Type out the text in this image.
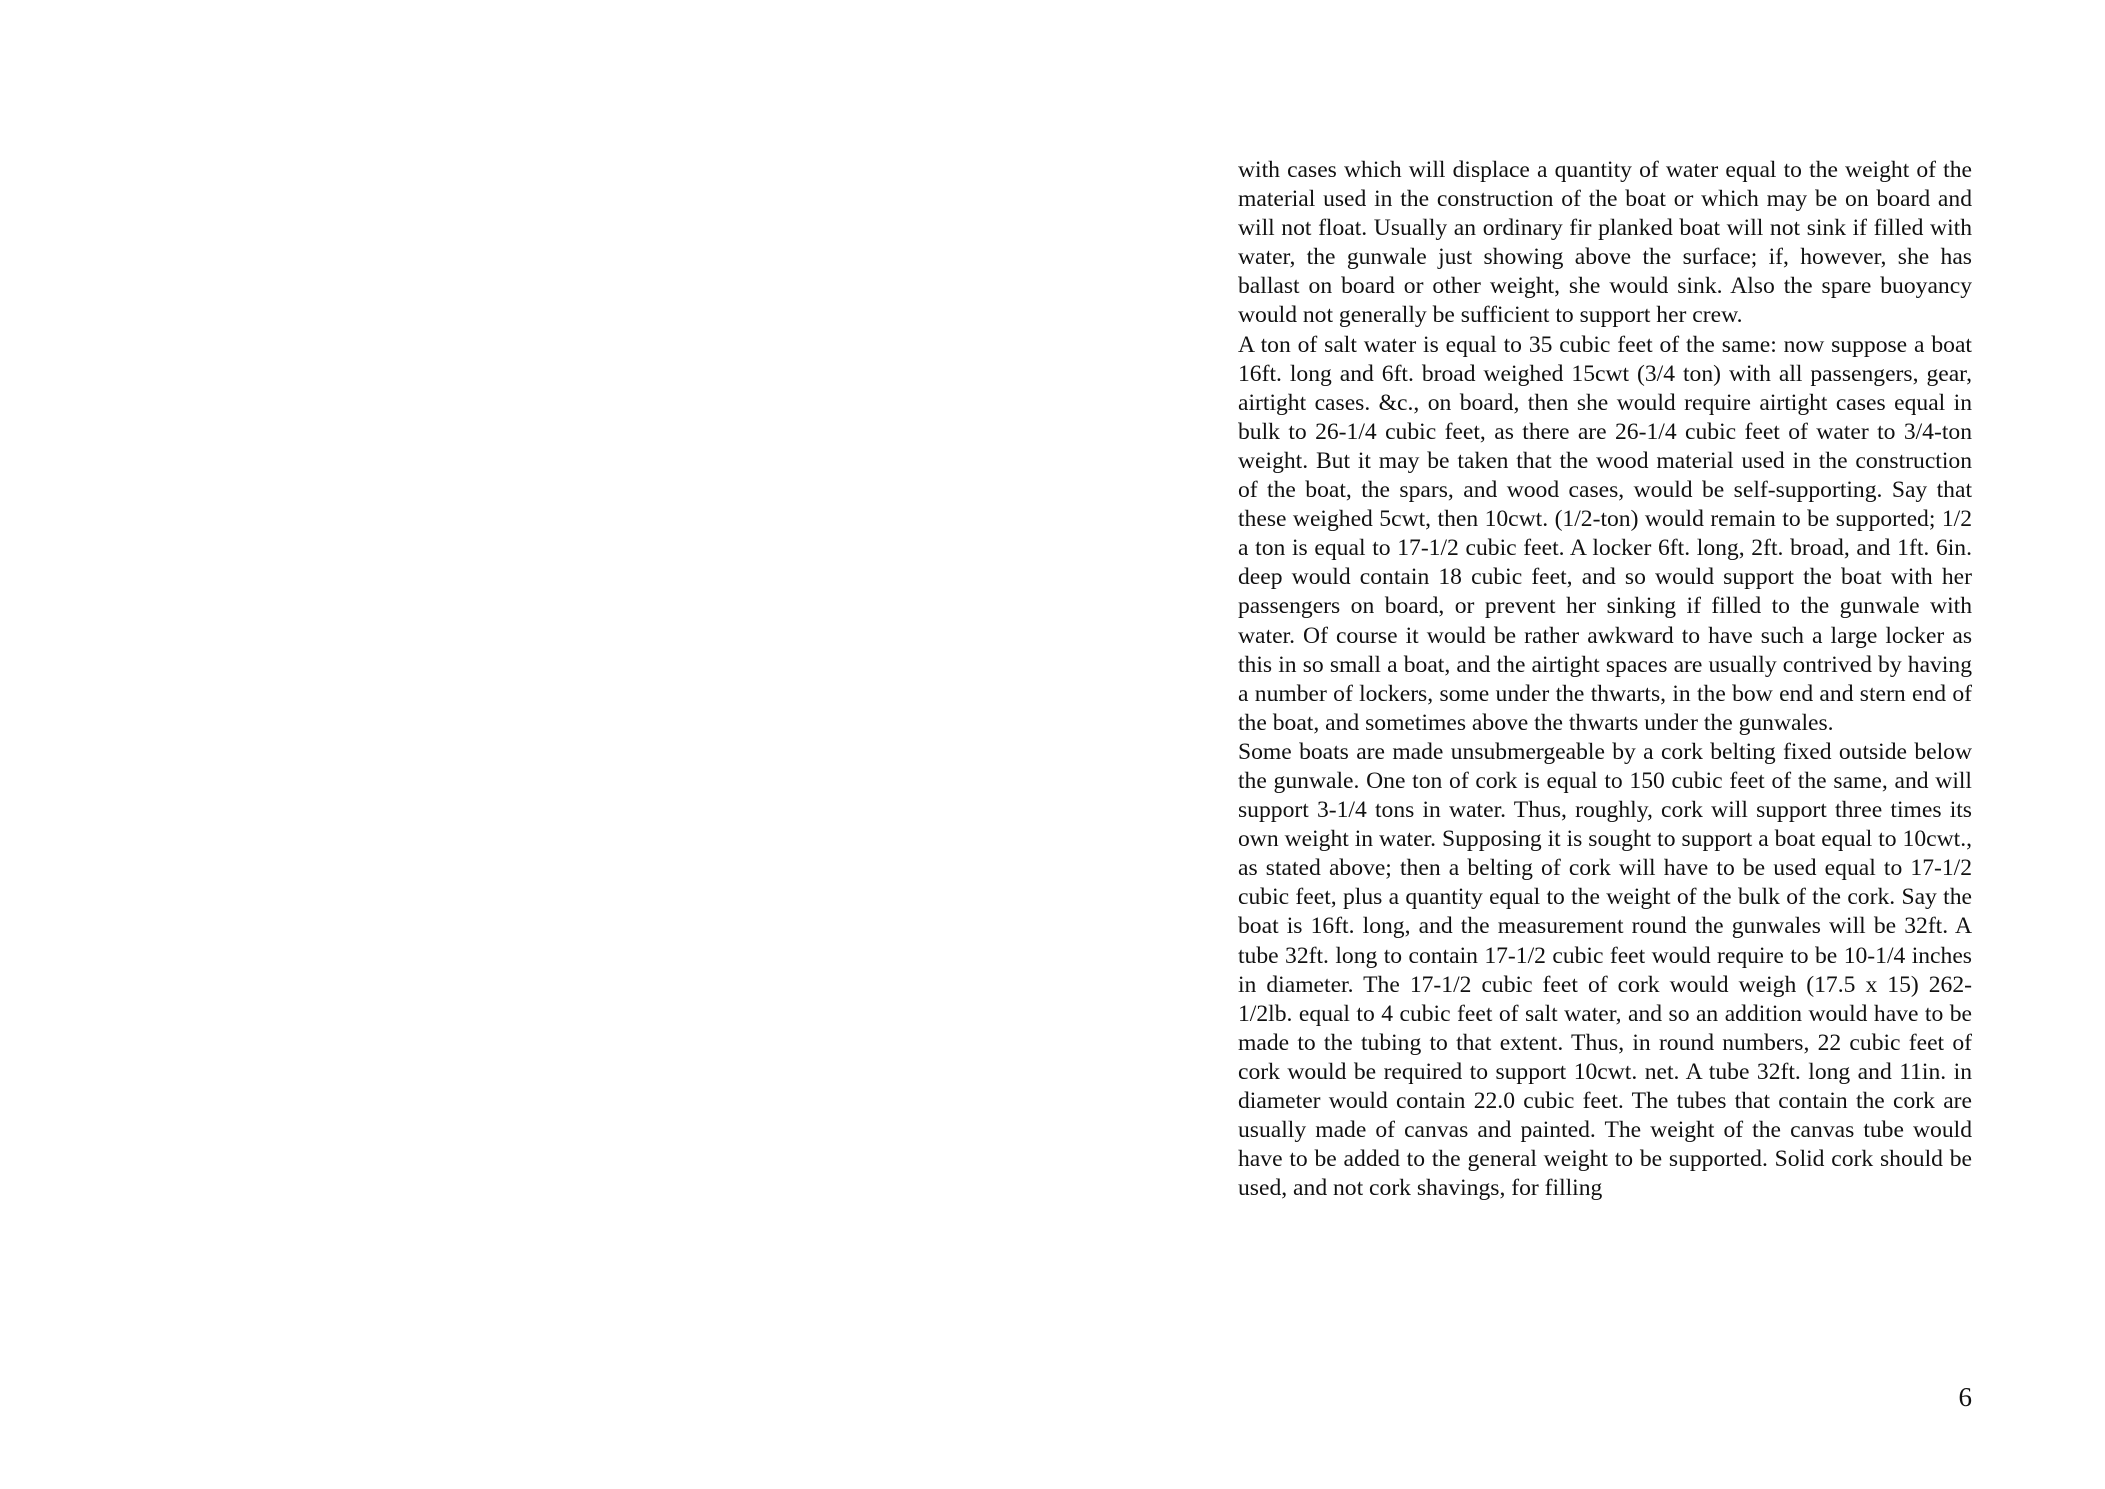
with cases which will displace a quantity of water equal to the weight of the material used in the construction of the boat or which may be on board and will not float. Usually an ordinary fir planked boat will not sink if filled with water, the gunwale just showing above the surface; if, however, she has ballast on board or other weight, she would sink. Also the spare buoyancy would not generally be sufficient to support her crew.

A ton of salt water is equal to 35 cubic feet of the same: now suppose a boat 16ft. long and 6ft. broad weighed 15cwt (3/4 ton) with all passengers, gear, airtight cases. &c., on board, then she would require airtight cases equal in bulk to 26-1/4 cubic feet, as there are 26-1/4 cubic feet of water to 3/4-ton weight. But it may be taken that the wood material used in the construction of the boat, the spars, and wood cases, would be self-supporting. Say that these weighed 5cwt, then 10cwt. (1/2-ton) would remain to be supported; 1/2 a ton is equal to 17-1/2 cubic feet. A locker 6ft. long, 2ft. broad, and 1ft. 6in. deep would contain 18 cubic feet, and so would support the boat with her passengers on board, or prevent her sinking if filled to the gunwale with water. Of course it would be rather awkward to have such a large locker as this in so small a boat, and the airtight spaces are usually contrived by having a number of lockers, some under the thwarts, in the bow end and stern end of the boat, and sometimes above the thwarts under the gunwales.

Some boats are made unsubmergeable by a cork belting fixed outside below the gunwale. One ton of cork is equal to 150 cubic feet of the same, and will support 3-1/4 tons in water. Thus, roughly, cork will support three times its own weight in water. Supposing it is sought to support a boat equal to 10cwt., as stated above; then a belting of cork will have to be used equal to 17-1/2 cubic feet, plus a quantity equal to the weight of the bulk of the cork. Say the boat is 16ft. long, and the measurement round the gunwales will be 32ft. A tube 32ft. long to contain 17-1/2 cubic feet would require to be 10-1/4 inches in diameter. The 17-1/2 cubic feet of cork would weigh (17.5 x 15) 262-1/2lb. equal to 4 cubic feet of salt water, and so an addition would have to be made to the tubing to that extent. Thus, in round numbers, 22 cubic feet of cork would be required to support 10cwt. net. A tube 32ft. long and 11in. in diameter would contain 22.0 cubic feet. The tubes that contain the cork are usually made of canvas and painted. The weight of the canvas tube would have to be added to the general weight to be supported. Solid cork should be used, and not cork shavings, for filling

6
